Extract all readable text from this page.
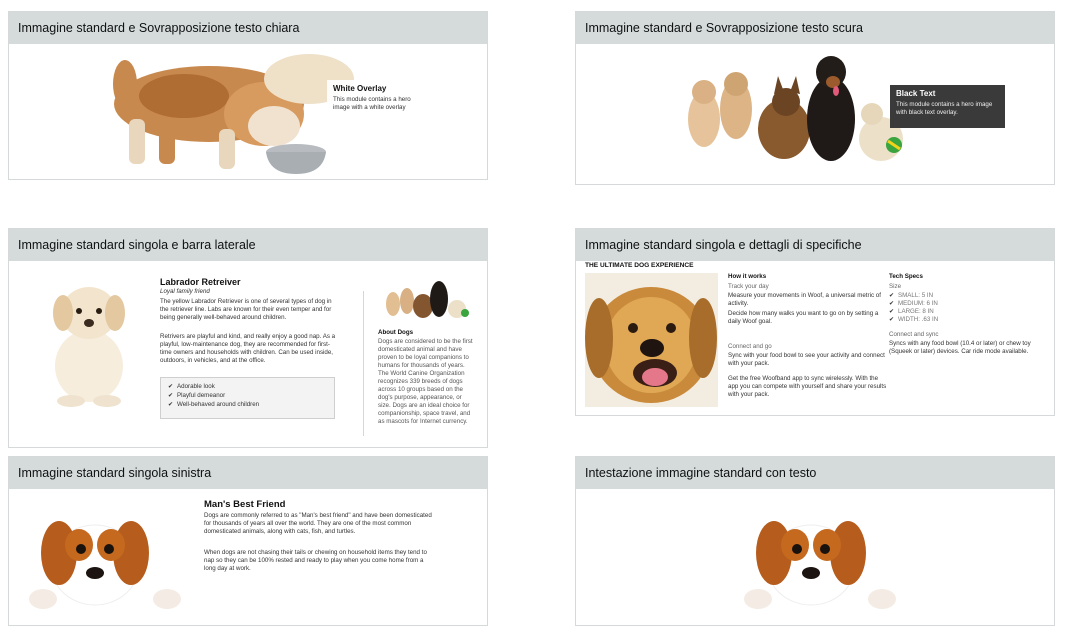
Immagine standard e Sovrapposizione testo chiara
White Overlay
This module contains a hero image with a white overlay
Immagine standard e Sovrapposizione testo scura
Black Text
This module contains a hero image with black text overlay.
Immagine standard singola e barra laterale
Labrador Retreiver
Loyal family friend
The yellow Labrador Retriever is one of several types of dog in the retriever line. Labs are known for their even temper and for being generally well-behaved around children.
Retrivers are playful and kind, and really enjoy a good nap. As a playful, low-maintenance dog, they are recommended for first-time owners and households with children. Can be used inside, outdoors, in vehicles, and at the office.
✔ Adorable look
✔ Playful demeanor
✔ Well-behaved around children
About Dogs
Dogs are considered to be the first domesticated animal and have proven to be loyal companions to humans for thousands of years. The World Canine Organization recognizes 339 breeds of dogs across 10 groups based on the dog's purpose, appearance, or size. Dogs are an ideal choice for companionship, space travel, and as mascots for Internet currency.
Immagine standard singola e dettagli di specifiche
THE ULTIMATE DOG EXPERIENCE
How it works
Track your day
Measure your movements in Woof, a universal metric of activity.
Decide how many walks you want to go on by setting a daily Woof goal.
Connect and go
Sync with your food bowl to see your activity and connect with your pack.
Get the free Woofband app to sync wirelessly. With the app you can compete with yourself and share your results with your pack.
Tech Specs
Size
✔ SMALL: 5 IN
✔ MEDIUM: 6 IN
✔ LARGE: 8 IN
✔ WIDTH: .63 IN
Connect and sync
Syncs with any food bowl (10.4 or later) or chew toy (Squeek or later) devices. Car ride mode available.
Immagine standard singola sinistra
Man's Best Friend
Dogs are commonly referred to as "Man's best friend" and have been domesticated for thousands of years all over the world. They are one of the most common domesticated animals, along with cats, fish, and turtles.
When dogs are not chasing their tails or chewing on household items they tend to nap so they can be 100% rested and ready to play when you come home from a long day at work.
Intestazione immagine standard con testo
